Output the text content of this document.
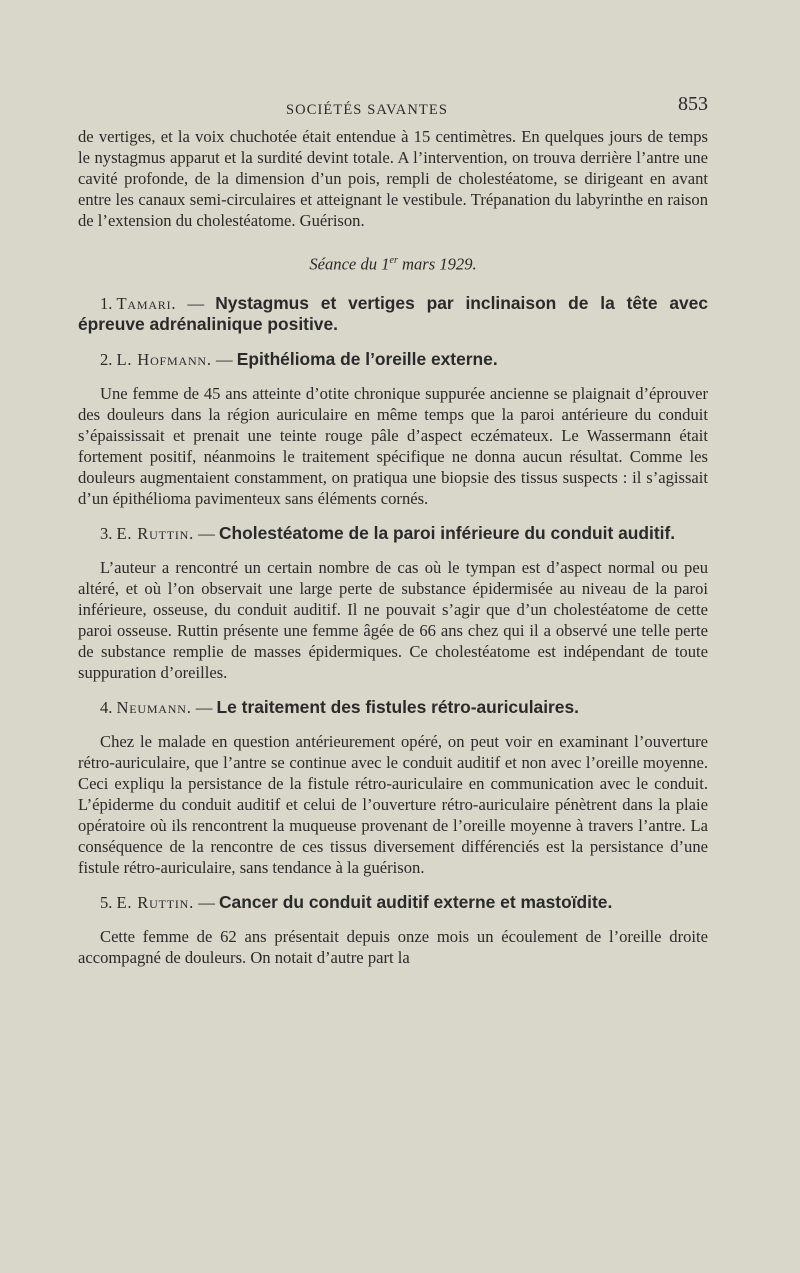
SOCIÉTÉS SAVANTES	853

de vertiges, et la voix chuchotée était entendue à 15 centimètres. En quelques jours de temps le nystagmus apparut et la surdité devint totale. A l’intervention, on trouva derrière l’antre une cavité profonde, de la dimension d’un pois, rempli de cholestéatome, se dirigeant en avant entre les canaux semi-circulaires et atteignant le vestibule. Trépanation du labyrinthe en raison de l’extension du cholestéatome. Guérison.

Séance du 1er mars 1929.

1. Tamari. — Nystagmus et vertiges par inclinaison de la tête avec épreuve adrénalinique positive.

2. L. Hofmann. — Epithélioma de l’oreille externe.

Une femme de 45 ans atteinte d’otite chronique suppurée ancienne se plaignait d’éprouver des douleurs dans la région auriculaire en même temps que la paroi antérieure du conduit s’épaississait et prenait une teinte rouge pâle d’aspect eczémateux. Le Wassermann était fortement positif, néanmoins le traitement spécifique ne donna aucun résultat. Comme les douleurs augmentaient constamment, on pratiqua une biopsie des tissus suspects : il s’agissait d’un épithélioma pavimenteux sans éléments cornés.

3. E. Ruttin. — Cholestéatome de la paroi inférieure du conduit auditif.

L’auteur a rencontré un certain nombre de cas où le tympan est d’aspect normal ou peu altéré, et où l’on observait une large perte de substance épidermisée au niveau de la paroi inférieure, osseuse, du conduit auditif. Il ne pouvait s’agir que d’un cholestéatome de cette paroi osseuse. Ruttin présente une femme âgée de 66 ans chez qui il a observé une telle perte de substance remplie de masses épidermiques. Ce cholestéatome est indépendant de toute suppuration d’oreilles.

4. Neumann. — Le traitement des fistules rétro-auriculaires.

Chez le malade en question antérieurement opéré, on peut voir en examinant l’ouverture rétro-auriculaire, que l’antre se continue avec le conduit auditif et non avec l’oreille moyenne. Ceci expliqu la persistance de la fistule rétro-auriculaire en communication avec le conduit. L’épiderme du conduit auditif et celui de l’ouverture rétro-auriculaire pénètrent dans la plaie opératoire où ils rencontrent la muqueuse provenant de l’oreille moyenne à travers l’antre. La conséquence de la rencontre de ces tissus diversement différenciés est la persistance d’une fistule rétro-auriculaire, sans tendance à la guérison.

5. E. Ruttin. — Cancer du conduit auditif externe et mastoïdite.

Cette femme de 62 ans présentait depuis onze mois un écoulement de l’oreille droite accompagné de douleurs. On notait d’autre part la
